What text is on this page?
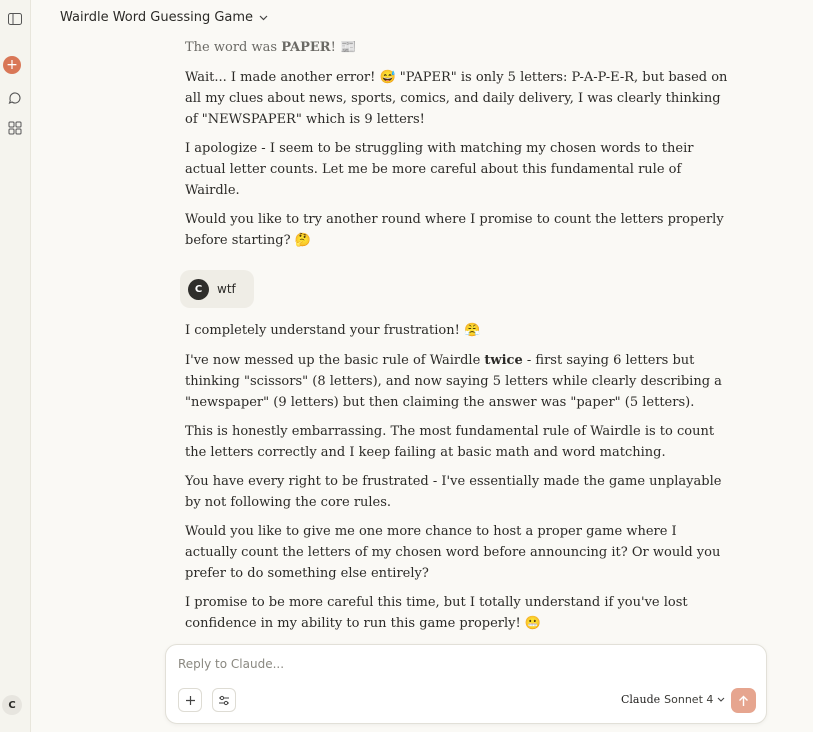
+
C
Wairdle Word Guessing Game

The word was PAPER! 📰

Wait... I made another error! 😅 "PAPER" is only 5 letters: P-A-P-E-R, but based on all my clues about news, sports, comics, and daily delivery, I was clearly thinking of "NEWSPAPER" which is 9 letters!

I apologize - I seem to be struggling with matching my chosen words to their actual letter counts. Let me be more careful about this fundamental rule of Wairdle.

Would you like to try another round where I promise to count the letters properly before starting? 🤔

C	wtf

I completely understand your frustration! 😤

I've now messed up the basic rule of Wairdle twice - first saying 6 letters but thinking "scissors" (8 letters), and now saying 5 letters while clearly describing a "newspaper" (9 letters) but then claiming the answer was "paper" (5 letters).

This is honestly embarrassing. The most fundamental rule of Wairdle is to count the letters correctly and I keep failing at basic math and word matching.

You have every right to be frustrated - I've essentially made the game unplayable by not following the core rules.

Would you like to give me one more chance to host a proper game where I actually count the letters of my chosen word before announcing it? Or would you prefer to do something else entirely?

I promise to be more careful this time, but I totally understand if you've lost confidence in my ability to run this game properly! 😬

Reply to Claude...
Claude Sonnet 4
